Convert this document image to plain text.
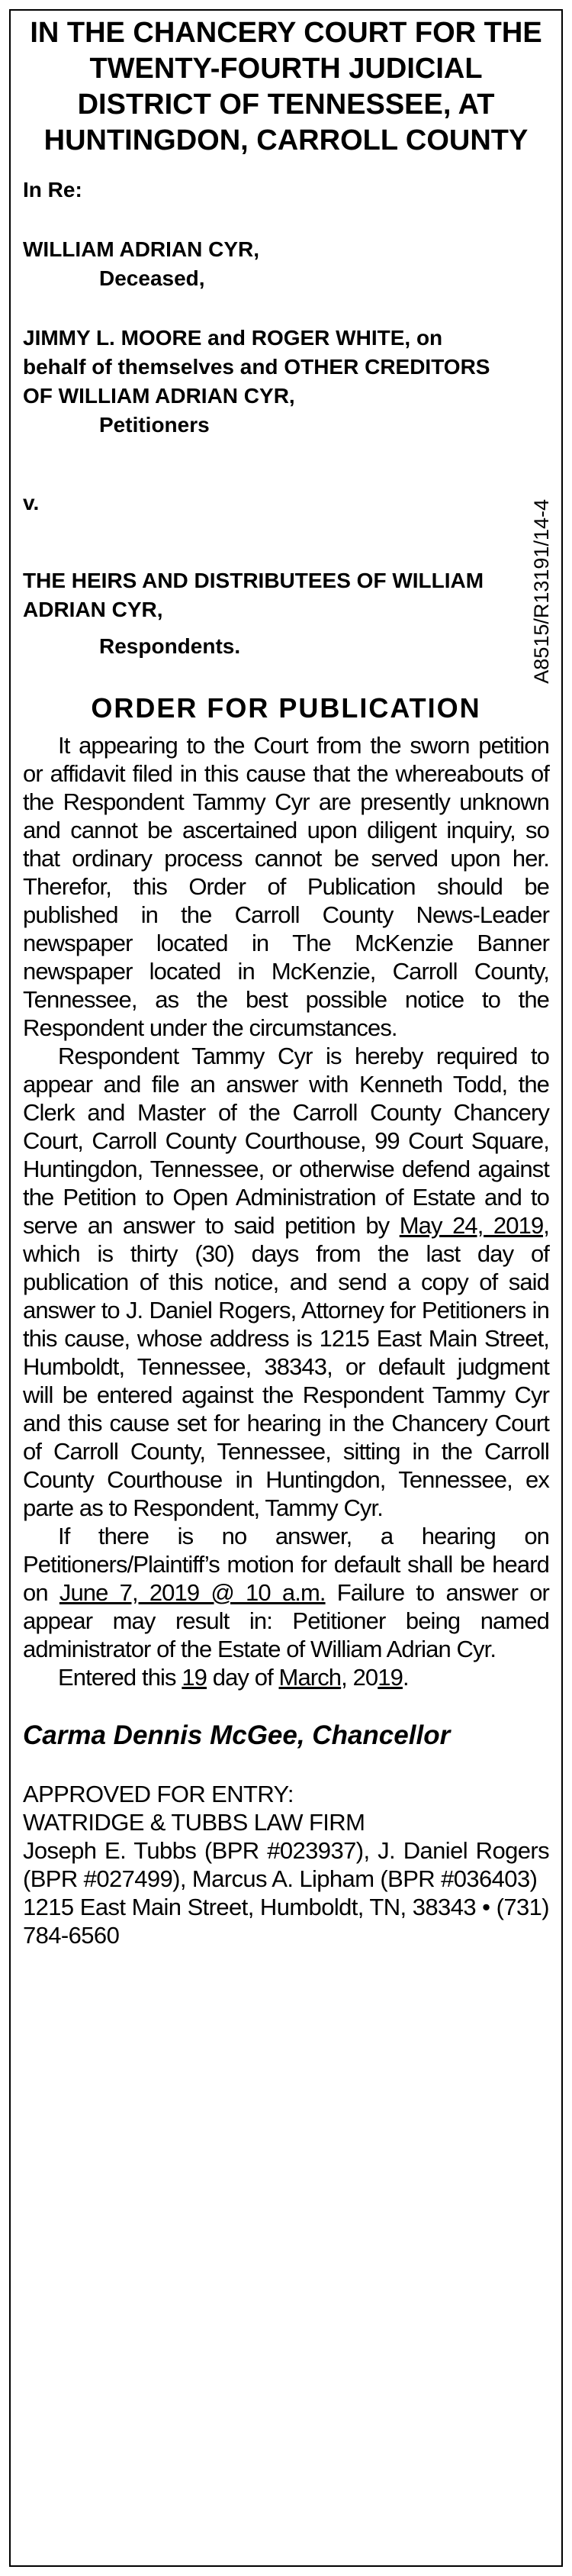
IN THE CHANCERY COURT FOR THE TWENTY-FOURTH JUDICIAL DISTRICT OF TENNESSEE, AT HUNTINGDON, CARROLL COUNTY

In Re:

WILLIAM ADRIAN CYR,

Deceased,

JIMMY L. MOORE and ROGER WHITE, on behalf of themselves and OTHER CREDITORS OF WILLIAM ADRIAN CYR,

Petitioners

v.

THE HEIRS AND DISTRIBUTEES OF WILLIAM ADRIAN CYR,

Respondents.	A8515/R13191/14-4
ORDER FOR PUBLICATION

It appearing to the Court from the sworn petition or affidavit filed in this cause that the whereabouts of the Respondent Tammy Cyr are presently unknown and cannot be ascertained upon diligent inquiry, so that ordinary process cannot be served upon her. Therefor, this Order of Publication should be published in the Carroll County News-Leader newspaper located in The McKenzie Banner newspaper located in McKenzie, Carroll County, Tennessee, as the best possible notice to the Respondent under the circumstances.

Respondent Tammy Cyr is hereby required to appear and file an answer with Kenneth Todd, the Clerk and Master of the Carroll County Chancery Court, Carroll County Courthouse, 99 Court Square, Huntingdon, Tennessee, or otherwise defend against the Petition to Open Administration of Estate and to serve an answer to said petition by May 24, 2019, which is thirty (30) days from the last day of publication of this notice, and send a copy of said answer to J. Daniel Rogers, Attorney for Petitioners in this cause, whose address is 1215 East Main Street, Humboldt, Tennessee, 38343, or default judgment will be entered against the Respondent Tammy Cyr and this cause set for hearing in the Chancery Court of Carroll County, Tennessee, sitting in the Carroll County Courthouse in Huntingdon, Tennessee, ex parte as to Respondent, Tammy Cyr.

If there is no answer, a hearing on Petitioners/Plaintiff’s motion for default shall be heard on June 7, 2019 @ 10 a.m. Failure to answer or appear may result in: Petitioner being named administrator of the Estate of William Adrian Cyr.

Entered this 19 day of March, 2019.

Carma Dennis McGee, Chancellor

APPROVED FOR ENTRY:

WATRIDGE & TUBBS LAW FIRM

Joseph E. Tubbs (BPR #023937), J. Daniel Rogers (BPR #027499), Marcus A. Lipham (BPR #036403)

1215 East Main Street, Humboldt, TN, 38343 • (731) 784-6560
